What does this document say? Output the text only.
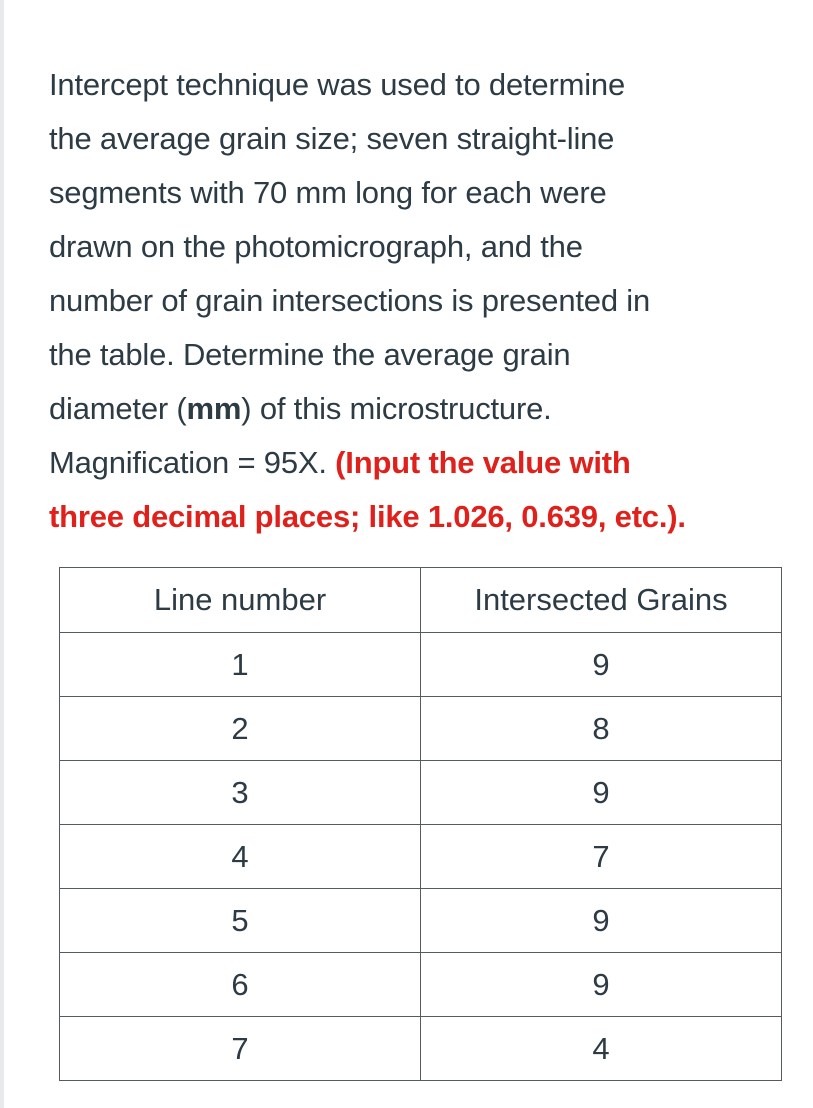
Intercept technique was used to determine
the average grain size; seven straight-line
segments with 70 mm long for each were
drawn on the photomicrograph, and the
number of grain intersections is presented in
the table. Determine the average grain
diameter (mm) of this microstructure.
Magnification = 95X. (Input the value with
three decimal places; like 1.026, 0.639, etc.).
Line number	Intersected Grains
1	9
2	8
3	9
4	7
5	9
6	9
7	4
